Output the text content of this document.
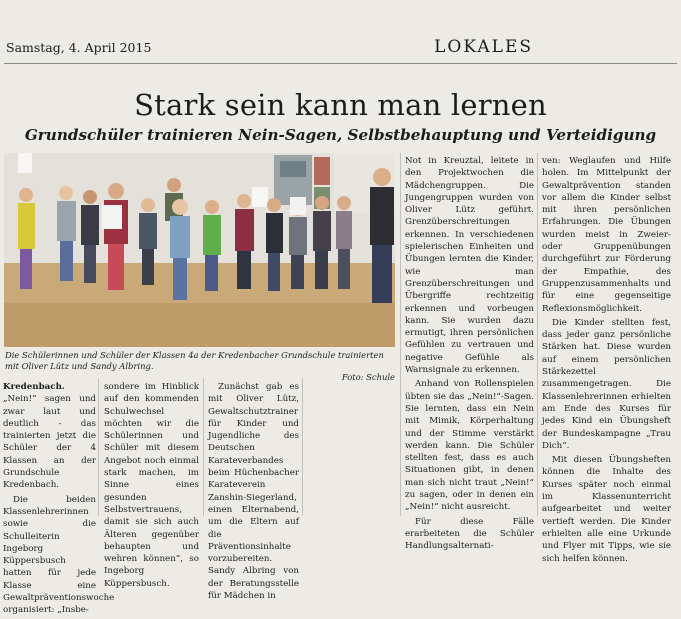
Samstag, 4. April 2015	LOKALES
Stark sein kann man lernen
Grundschüler trainieren Nein-Sagen, Selbstbehauptung und Verteidigung
Die Schülerinnen und Schüler der Klassen 4a der Kredenbacher Grundschule trainierten mit Oliver Lütz und Sandy Albring.
Foto: Schule

Kredenbach. „Nein!“ sagen und zwar laut und deutlich - das trainierten jetzt die Schüler der 4 Klassen an der Grundschule Kredenbach.

Die beiden Klassenlehrerinnen sowie die Schulleiterin Ingeborg Küppersbusch hatten für jede Klasse eine Gewaltpräventionswoche organisiert: „Insbe-

sondere im Hinblick auf den kommenden Schulwechsel möchten wir die Schülerinnen und Schüler mit diesem Angebot noch einmal stark machen, im Sinne eines gesunden Selbstvertrauens, damit sie sich auch Älteren gegenüber behaupten und wehren können“, so Ingeborg Küppersbusch.

Zunächst gab es mit Oliver Lütz, Gewaltschutztrainer für Kinder und Jugendliche des Deutschen Karateverbandes beim Hüchenbacher Karateverein Zanshin-Siegerland, einen Elternabend, um die Eltern auf die Präventionsinhalte vorzubereiten. Sandy Albring von der Beratungsstelle für Mädchen in

Not in Kreuztal, leitete in den Projektwochen die Mädchengruppen. Die Jungengruppen wurden von Oliver Lütz geführt. Grenzüberschreitungen erkennen. In verschiedenen spielerischen Einheiten und Übungen lernten die Kinder, wie man Grenzüberschreitungen und Übergriffe rechtzeitig erkennen und vorbeugen kann. Sie wurden dazu ermutigt, ihren persönlichen Gefühlen zu vertrauen und negative Gefühle als Warnsignale zu erkennen.

Anhand von Rollenspielen übten sie das „Nein!“-Sagen. Sie lernten, dass ein Nein mit Mimik, Körperhaltung und der Stimme verstärkt werden kann. Die Schüler stellten fest, dass es auch Situationen gibt, in denen man sich nicht traut „Nein!“ zu sagen, oder in denen ein „Nein!“ nicht ausreicht.

Für diese Fälle erarbeiteten die Schüler Handlungsalternati-

ven: Weglaufen und Hilfe holen. Im Mittelpunkt der Gewaltprävention standen vor allem die Kinder selbst mit ihren persönlichen Erfahrungen. Die Übungen wurden meist in Zweier- oder Gruppenübungen durchgeführt zur Förderung der Empathie, des Gruppenzusammenhalts und für eine gegenseitige Reflexionsmöglichkeit.

Die Kinder stellten fest, dass jeder ganz persönliche Stärken hat. Diese wurden auf einem persönlichen Stärkezettel zusammengetragen. Die Klassenlehrerinnen erhielten am Ende des Kurses für jedes Kind ein Übungsheft der Bundeskampagne „Trau Dich“.

Mit diesen Übungsheften können die Inhalte des Kurses später noch einmal im Klassenunterricht aufgearbeitet und weiter vertieft werden. Die Kinder erhielten alle eine Urkunde und Flyer mit Tipps, wie sie sich helfen können.
